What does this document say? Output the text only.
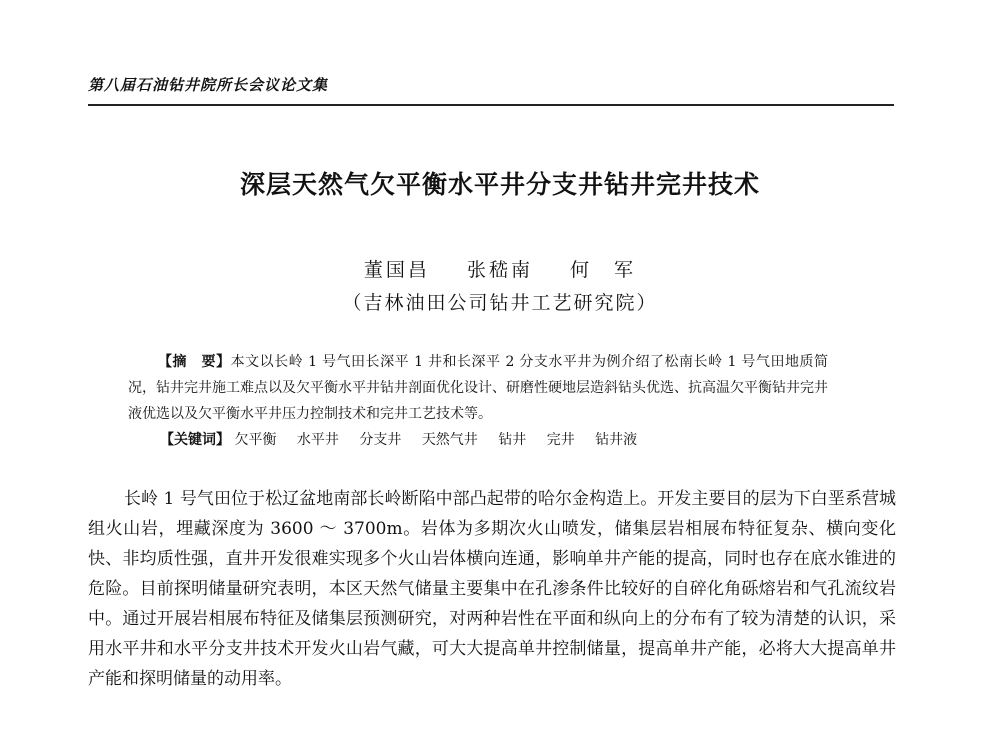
第八届石油钻井院所长会议论文集
深层天然气欠平衡水平井分支井钻井完井技术
董国昌 张嵇南 何　军
（吉林油田公司钻井工艺研究院）

【摘　要】本文以长岭 1 号气田长深平 1 井和长深平 2 分支水平井为例介绍了松南长岭 1 号气田地质简况，钻井完井施工难点以及欠平衡水平井钻井剖面优化设计、研磨性硬地层造斜钻头优选、抗高温欠平衡钻井完井液优选以及欠平衡水平井压力控制技术和完井工艺技术等。

【关键词】 欠平衡 水平井 分支井 天然气井 钻井 完井 钻井液

长岭 1 号气田位于松辽盆地南部长岭断陷中部凸起带的哈尔金构造上。开发主要目的层为下白垩系营城组火山岩，埋藏深度为 3600 ～ 3700m。岩体为多期次火山喷发，储集层岩相展布特征复杂、横向变化快、非均质性强，直井开发很难实现多个火山岩体横向连通，影响单井产能的提高，同时也存在底水锥进的危险。目前探明储量研究表明，本区天然气储量主要集中在孔渗条件比较好的自碎化角砾熔岩和气孔流纹岩中。通过开展岩相展布特征及储集层预测研究，对两种岩性在平面和纵向上的分布有了较为清楚的认识，采用水平井和水平分支井技术开发火山岩气藏，可大大提高单井控制储量，提高单井产能，必将大大提高单井产能和探明储量的动用率。
